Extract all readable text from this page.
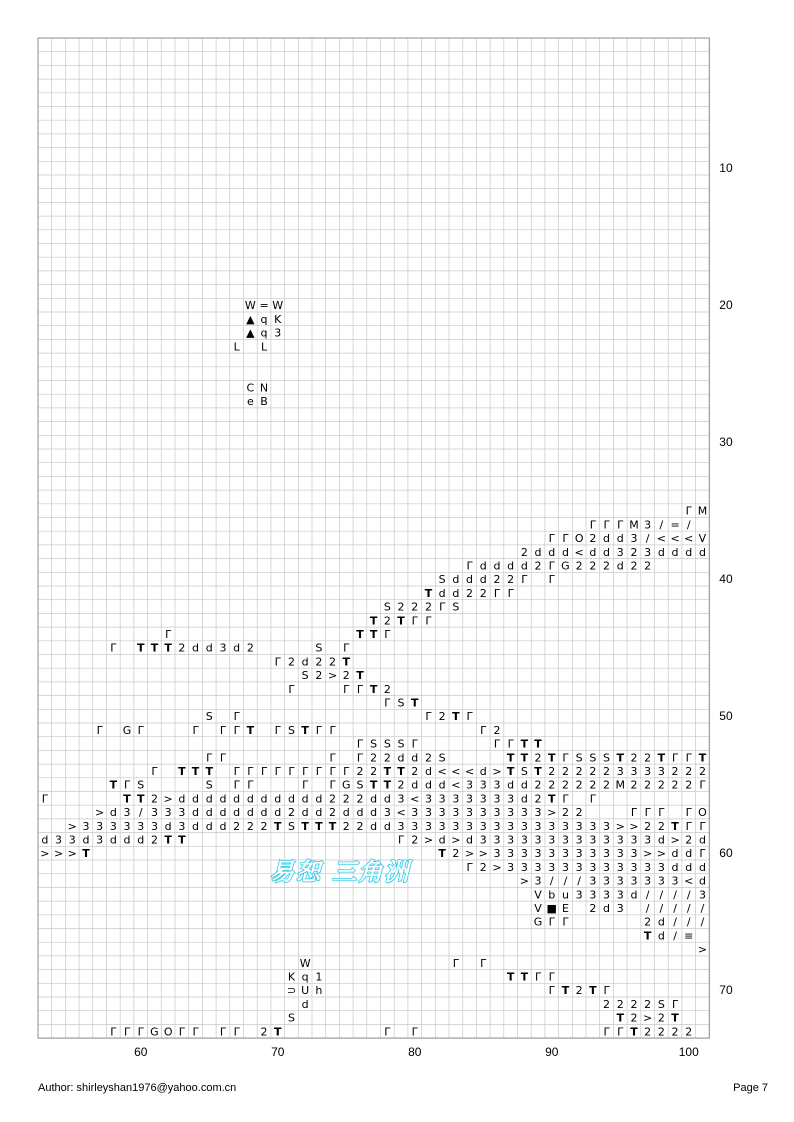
W = W
▲ q K
▲ q 3
L L
C N
e B
Γ M
Γ Γ Γ M 3 / = /
Γ Γ O 2 d d 3 / < < < V
2 d d d < d d 3 2 3 d d d d
Γ d d d d 2 Γ G 2 2 2 d 2 2
S d d d 2 2 Γ Γ
T d d 2 2 Γ Γ
S 2 2 2 Γ S
T 2 T Γ Γ
Γ	T T Γ
Γ T T T 2 d d 3 d 2	S Γ
Γ 2 d 2 2 T
S 2 > 2 T
Γ	Γ Γ T 2
Γ S T
S Γ	Γ 2 T Γ
Γ G Γ	Γ Γ Γ T Γ S T Γ Γ	Γ 2
Γ S S S Γ	Γ Γ T T
Γ Γ	Γ Γ 2 2 d d 2 S	T T 2 T Γ S S S T 2 2 T Γ Γ T
Γ T T T Γ Γ Γ Γ Γ Γ Γ Γ Γ 2 2 T T 2 d < < < d > T S T 2 2 2 2 2 3 3 3 3 2 2 2
T Γ S	S Γ Γ	Γ Γ G S T T 2 d d d < 3 3 3 d d 2 2 2 2 2 2 M 2 2 2 2 2 Γ
Γ	T T 2 > d d d d d d d d d d d 2 2 2 d d 3 < 3 3 3 3 3 3 3 d 2 T Γ Γ
> d 3 / 3 3 3 d d d d d d d 2 d d 2 d d d 3 < 3 3 3 3 3 3 3 3 3 3 > 2 2	Γ Γ Γ Γ O
> 3 3 3 3 3 3 d 3 d d d 2 2 2 T S T T T 2 2 d d 3 3 3 3 3 3 3 3 3 3 3 3 3 3 3 3 > > 2 2 T Γ Γ
d 3 3 d 3 d d d 2 T T	Γ 2 > d > d 3 3 3 3 3 3 3 3 3 3 3 3 3 d > 2 d
> > > T	T 2 > > 3 3 3 3 3 3 3 3 3 3 3 > > d d Γ
Γ 2 > 3 3 3 3 3 3 3 3 3 3 3 3 d d d
> 3 / / / 3 3 3 3 3 3 3 < d
V b u 3 3 3 3 d / / / / 3
V ■ E 2 d 3 / / / / /
G Γ Γ	2 d / / /
T d / ≡
>
W	Γ Γ
K q 1	T T Γ Γ
⊃ U h	Γ T 2 T Γ
d	2 2 2 2 S Γ
S	T 2 > 2 T
Γ Γ Γ G O Γ Γ Γ Γ 2 T	Γ Γ	Γ Γ T 2 2 2 2
60	70	80	90	100
10
20
30
40
50
60
70
易恕 三角洲
Author: shirleyshan1976@yahoo.com.cn	Page 7
